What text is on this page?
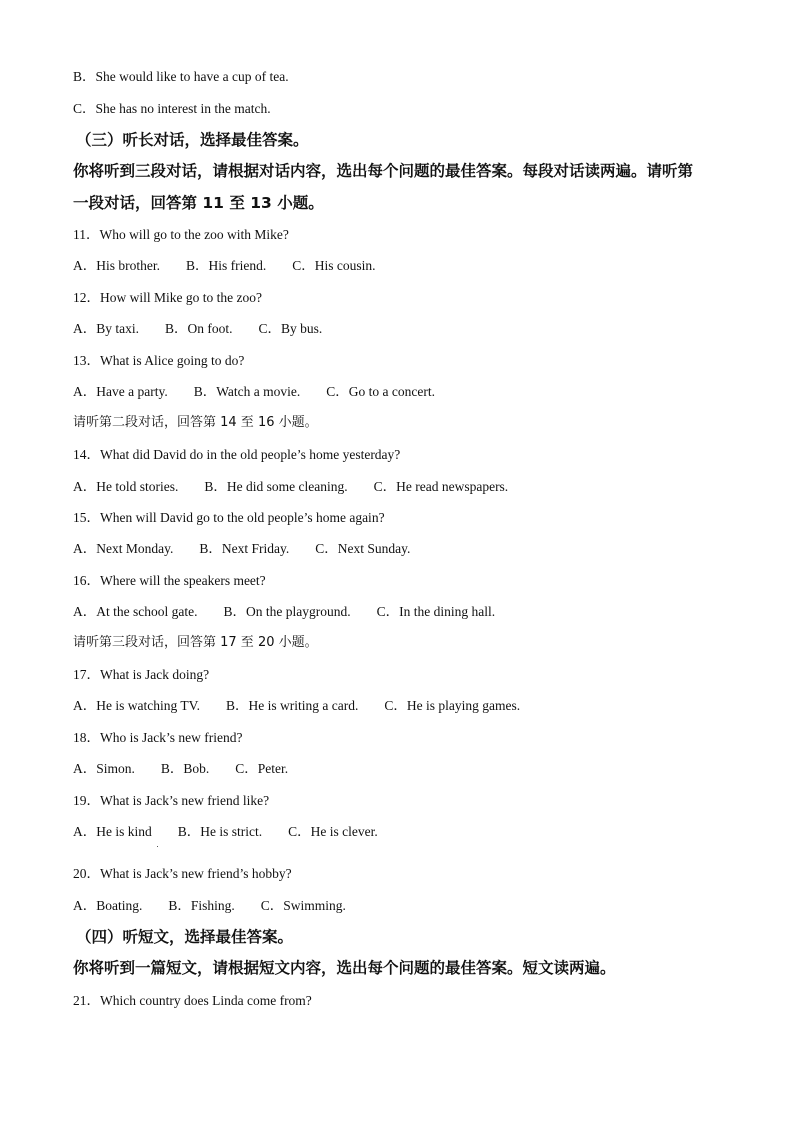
B．She would like to have a cup of tea.
C．She has no interest in the match.
（三）听长对话，选择最佳答案。
你将听到三段对话，请根据对话内容，选出每个问题的最佳答案。每段对话读两遍。请听第
一段对话，回答第 11 至 13 小题。
11．Who will go to the zoo with Mike?
A．His brother. B．His friend. C．His cousin.
12．How will Mike go to the zoo?
A．By taxi. B．On foot. C．By bus.
13．What is Alice going to do?
A．Have a party. B．Watch a movie. C．Go to a concert.
请听第二段对话，回答第 14 至 16 小题。
14．What did David do in the old people’s home yesterday?
A．He told stories. B．He did some cleaning. C．He read newspapers.
15．When will David go to the old people’s home again?
A．Next Monday. B．Next Friday. C．Next Sunday.
16．Where will the speakers meet?
A．At the school gate. B．On the playground. C．In the dining hall.
请听第三段对话，回答第 17 至 20 小题。
17．What is Jack doing?
A．He is watching TV. B．He is writing a card. C．He is playing games.
18．Who is Jack’s new friend?
A．Simon. B．Bob. C．Peter.
19．What is Jack’s new friend like?
A．He is kind B．He is strict. C．He is clever.
20．What is Jack’s new friend’s hobby?
A．Boating. B．Fishing. C．Swimming.
（四）听短文，选择最佳答案。
你将听到一篇短文，请根据短文内容，选出每个问题的最佳答案。短文读两遍。
21．Which country does Linda come from?
